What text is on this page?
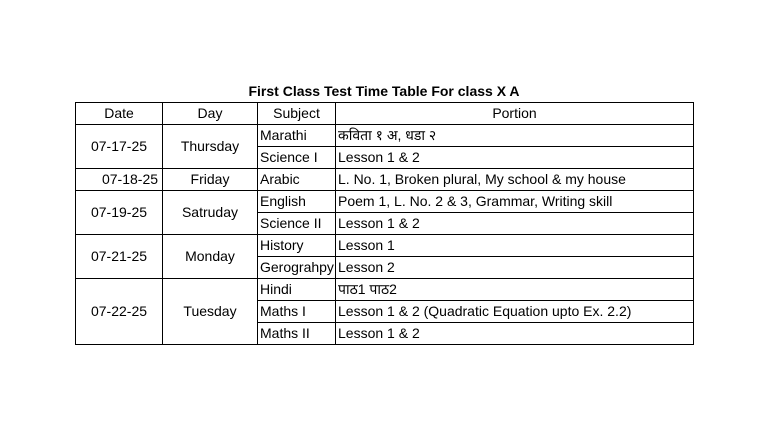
First Class Test Time Table For class X A
Date	Day	Subject	Portion
07-17-25	Thursday	Marathi	कविता १ अ, धडा २
		Science I	Lesson 1 & 2
07-18-25	Friday	Arabic	L. No. 1, Broken plural, My school & my house
07-19-25	Satruday	English	Poem 1, L. No. 2 & 3, Grammar, Writing skill
		Science II	Lesson 1 & 2
07-21-25	Monday	History	Lesson 1
		Gerograhpy	Lesson 2
07-22-25	Tuesday	Hindi	पाठ1 पाठ2
		Maths I	Lesson 1 & 2 (Quadratic Equation upto Ex. 2.2)
		Maths II	Lesson 1 & 2
